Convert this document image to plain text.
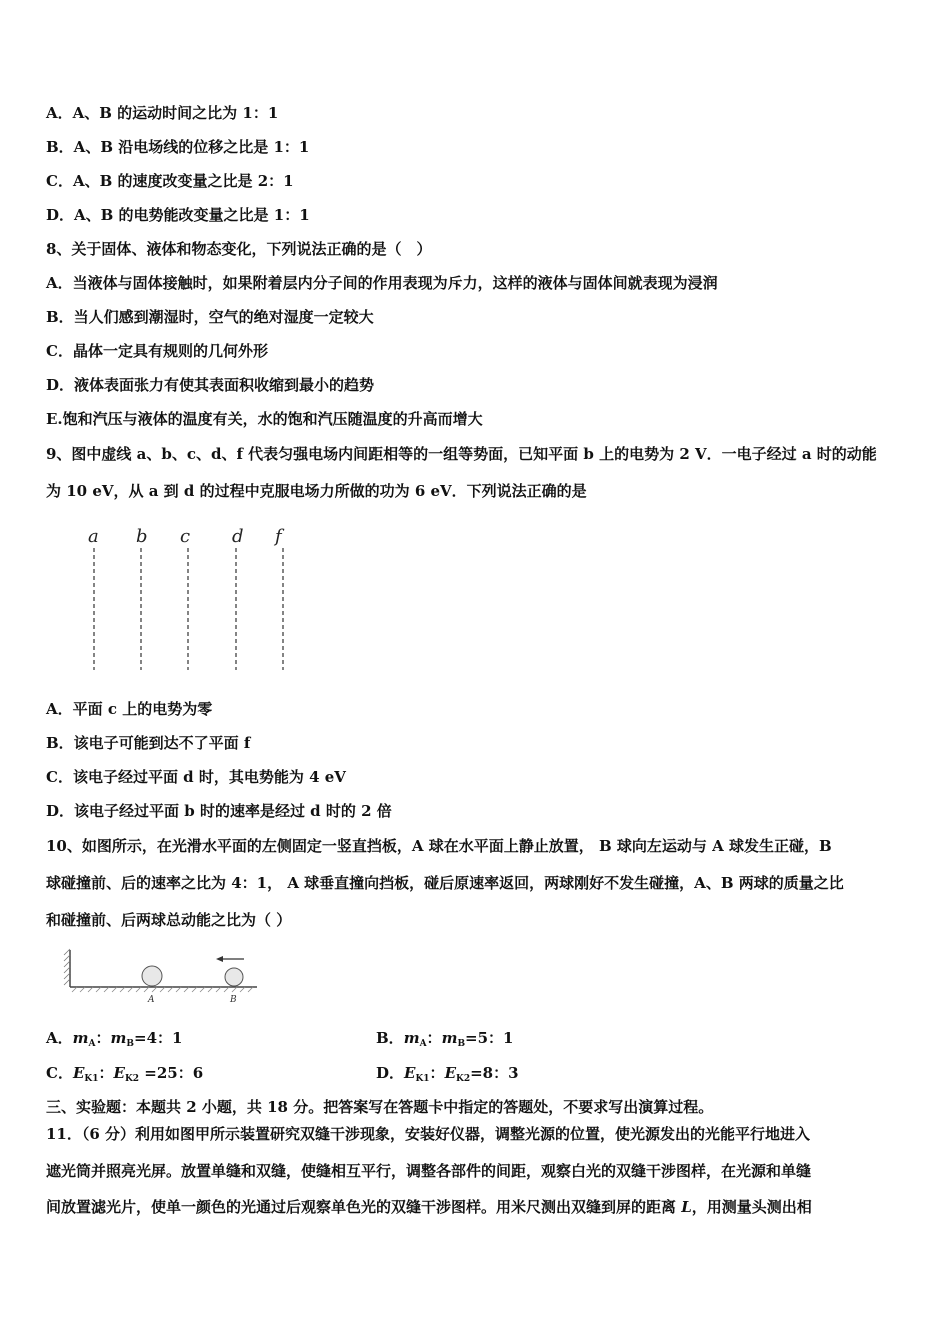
A．A、B 的运动时间之比为 1：1
B．A、B 沿电场线的位移之比是 1：1
C．A、B 的速度改变量之比是 2：1
D．A、B 的电势能改变量之比是 1：1
8、关于固体、液体和物态变化，下列说法正确的是（　）
A．当液体与固体接触时，如果附着层内分子间的作用表现为斥力，这样的液体与固体间就表现为浸润
B．当人们感到潮湿时，空气的绝对湿度一定较大
C．晶体一定具有规则的几何外形
D．液体表面张力有使其表面积收缩到最小的趋势
E.饱和汽压与液体的温度有关，水的饱和汽压随温度的升高而增大
9、图中虚线 a、b、c、d、f 代表匀强电场内间距相等的一组等势面，已知平面 b 上的电势为 2 V．一电子经过 a 时的动能
为 10 eV，从 a 到 d 的过程中克服电场力所做的功为 6 eV．下列说法正确的是
a b c d f
A．平面 c 上的电势为零
B．该电子可能到达不了平面 f
C．该电子经过平面 d 时，其电势能为 4 eV
D．该电子经过平面 b 时的速率是经过 d 时的 2 倍
10、如图所示，在光滑水平面的左侧固定一竖直挡板，A 球在水平面上静止放置， B 球向左运动与 A 球发生正碰，B
球碰撞前、后的速率之比为 4：1， A 球垂直撞向挡板，碰后原速率返回，两球刚好不发生碰撞，A、B 两球的质量之比
和碰撞前、后两球总动能之比为（ ）
A	B
A．$m_A$：$m_B=4$：1	B．$m_A$：$m_B=5$：1
C．$E_{K1}$：$E_{K2} =25$：6	D．$E_{K1}$：$E_{K2}=8$：3
三、实验题：本题共 2 小题，共 18 分。把答案写在答题卡中指定的答题处，不要求写出演算过程。
11．（6 分）利用如图甲所示装置研究双缝干涉现象，安装好仪器，调整光源的位置，使光源发出的光能平行地进入
遮光筒并照亮光屏。放置单缝和双缝，使缝相互平行，调整各部件的间距，观察白光的双缝干涉图样，在光源和单缝
间放置滤光片，使单一颜色的光通过后观察单色光的双缝干涉图样。用米尺测出双缝到屏的距离 L，用测量头测出相
